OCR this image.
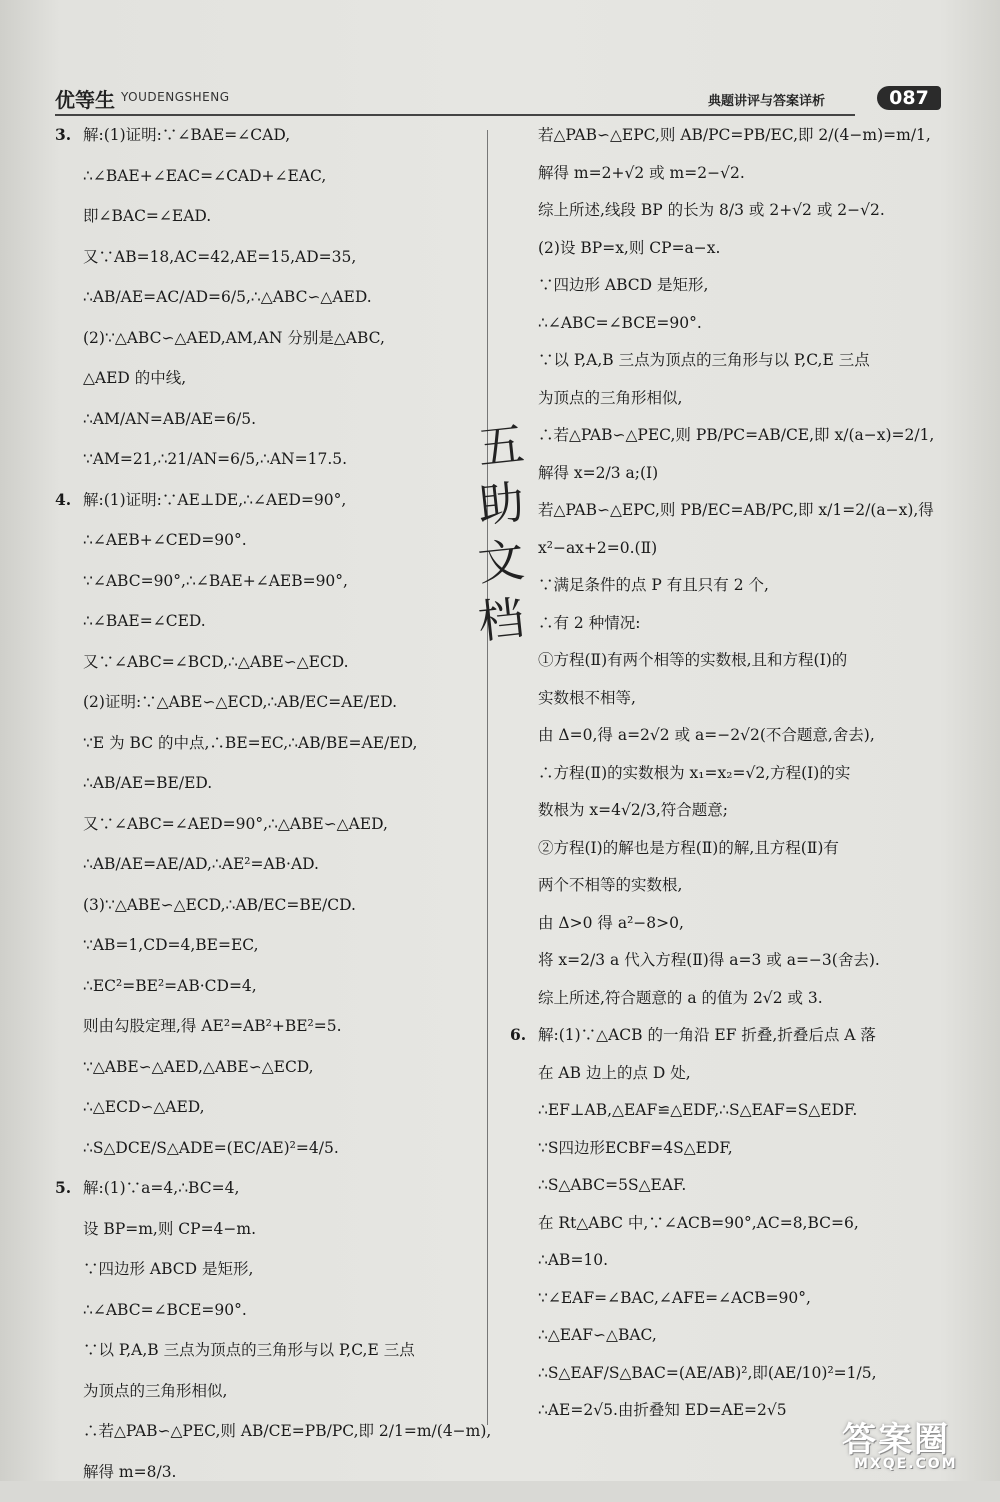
优等生 YOUDENGSHENG	典题讲评与答案详析	087
3. 解:(1)证明:∵∠BAE=∠CAD,
∴∠BAE+∠EAC=∠CAD+∠EAC,
即∠BAC=∠EAD.
又∵AB=18,AC=42,AE=15,AD=35,
∴AB/AE=AC/AD=6/5,∴△ABC∽△AED.
(2)∵△ABC∽△AED,AM,AN 分别是△ABC,
△AED 的中线,
∴AM/AN=AB/AE=6/5.
∵AM=21,∴21/AN=6/5,∴AN=17.5.
4. 解:(1)证明:∵AE⊥DE,∴∠AED=90°,
∴∠AEB+∠CED=90°.
∵∠ABC=90°,∴∠BAE+∠AEB=90°,
∴∠BAE=∠CED.
又∵∠ABC=∠BCD,∴△ABE∽△ECD.
(2)证明:∵△ABE∽△ECD,∴AB/EC=AE/ED.
∵E 为 BC 的中点,∴BE=EC,∴AB/BE=AE/ED,
∴AB/AE=BE/ED.
又∵∠ABC=∠AED=90°,∴△ABE∽△AED,
∴AB/AE=AE/AD,∴AE²=AB·AD.
(3)∵△ABE∽△ECD,∴AB/EC=BE/CD.
∵AB=1,CD=4,BE=EC,
∴EC²=BE²=AB·CD=4,
则由勾股定理,得 AE²=AB²+BE²=5.
∵△ABE∽△AED,△ABE∽△ECD,
∴△ECD∽△AED,
∴S△DCE/S△ADE=(EC/AE)²=4/5.
5. 解:(1)∵a=4,∴BC=4,
设 BP=m,则 CP=4−m.
∵四边形 ABCD 是矩形,
∴∠ABC=∠BCE=90°.
∵以 P,A,B 三点为顶点的三角形与以 P,C,E 三点
为顶点的三角形相似,
∴若△PAB∽△PEC,则 AB/CE=PB/PC,即 2/1=m/(4−m),
解得 m=8/3.
若△PAB∽△EPC,则 AB/PC=PB/EC,即 2/(4−m)=m/1,
解得 m=2+√2 或 m=2−√2.
综上所述,线段 BP 的长为 8/3 或 2+√2 或 2−√2.
(2)设 BP=x,则 CP=a−x.
∵四边形 ABCD 是矩形,
∴∠ABC=∠BCE=90°.
∵以 P,A,B 三点为顶点的三角形与以 P,C,E 三点
为顶点的三角形相似,
∴若△PAB∽△PEC,则 PB/PC=AB/CE,即 x/(a−x)=2/1,
解得 x=2/3 a;(Ⅰ)
若△PAB∽△EPC,则 PB/EC=AB/PC,即 x/1=2/(a−x),得
x²−ax+2=0.(Ⅱ)
∵满足条件的点 P 有且只有 2 个,
∴有 2 种情况:
①方程(Ⅱ)有两个相等的实数根,且和方程(Ⅰ)的
实数根不相等,
由 Δ=0,得 a=2√2 或 a=−2√2(不合题意,舍去),
∴方程(Ⅱ)的实数根为 x₁=x₂=√2,方程(Ⅰ)的实
数根为 x=4√2/3,符合题意;
②方程(Ⅰ)的解也是方程(Ⅱ)的解,且方程(Ⅱ)有
两个不相等的实数根,
由 Δ>0 得 a²−8>0,
将 x=2/3 a 代入方程(Ⅱ)得 a=3 或 a=−3(舍去).
综上所述,符合题意的 a 的值为 2√2 或 3.
6. 解:(1)∵△ACB 的一角沿 EF 折叠,折叠后点 A 落
在 AB 边上的点 D 处,
∴EF⊥AB,△EAF≌△EDF,∴S△EAF=S△EDF.
∵S四边形ECBF=4S△EDF,
∴S△ABC=5S△EAF.
在 Rt△ABC 中,∵∠ACB=90°,AC=8,BC=6,
∴AB=10.
∵∠EAF=∠BAC,∠AFE=∠ACB=90°,
∴△EAF∽△BAC,
∴S△EAF/S△BAC=(AE/AB)²,即(AE/10)²=1/5,
∴AE=2√5.由折叠知 ED=AE=2√5
五
助
文
档
答案圈
MXQE.COM
